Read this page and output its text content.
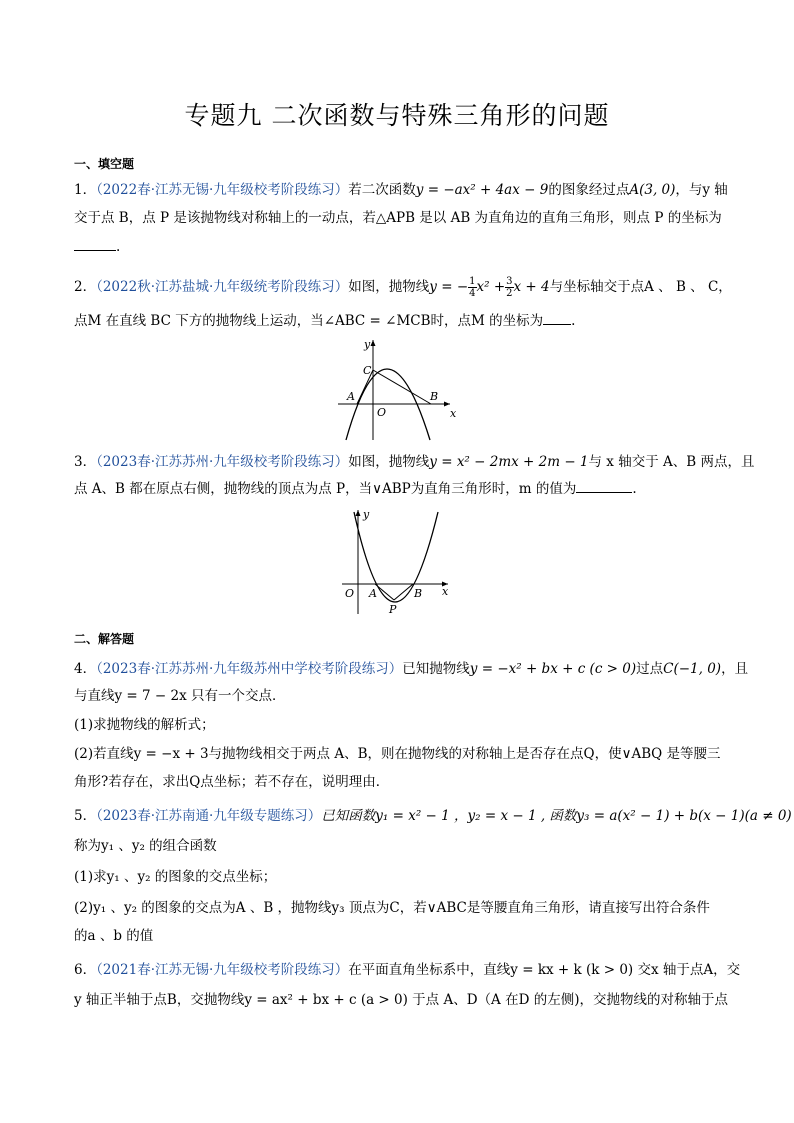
专题九 二次函数与特殊三角形的问题
一、填空题
1．（2022春·江苏无锡·九年级校考阶段练习）若二次函数y = −ax² + 4ax − 9的图象经过点A(3, 0)，与y 轴
交于点 B，点 P 是该抛物线对称轴上的一动点，若△APB 是以 AB 为直角边的直角三角形，则点 P 的坐标为
.
2．（2022秋·江苏盐城·九年级统考阶段练习）如图，抛物线y = − $\frac{1}{4} x^2 + \frac{3}{2}$ x + 4与坐标轴交于点A 、 B 、 C，
点M 在直线 BC 下方的抛物线上运动，当∠ABC = ∠MCB时，点M 的坐标为 .
y
x
O
A	B
C
3．（2023春·江苏苏州·九年级校考阶段练习）如图，抛物线y = x² − 2mx + 2m − 1与 x 轴交于 A、B 两点，且
点 A、B 都在原点右侧，抛物线的顶点为点 P，当∨ABP为直角三角形时，m 的值为	.
y
x
O A	B
P
二、解答题
4．（2023春·江苏苏州·九年级苏州中学校考阶段练习）已知抛物线y = −x² + bx + c (c > 0)过点C(−1, 0)，且
与直线y = 7 − 2x 只有一个交点．
(1)求抛物线的解析式；
(2)若直线y = −x + 3与抛物线相交于两点 A、B，则在抛物线的对称轴上是否存在点Q，使∨ABQ 是等腰三
角形?若存在，求出Q点坐标；若不存在，说明理由．
5．（2023春·江苏南通·九年级专题练习）已知函数y₁ = x² − 1 ，y₂ = x − 1 , 函数y₃ = a(x² − 1) + b(x − 1)(a ≠ 0)
称为y₁ 、y₂ 的组合函数
(1)求y₁ 、y₂ 的图象的交点坐标；
(2)y₁ 、y₂ 的图象的交点为A 、B ，抛物线y₃ 顶点为C，若∨ABC是等腰直角三角形，请直接写出符合条件
的a 、b 的值
6．（2021春·江苏无锡·九年级校考阶段练习）在平面直角坐标系中，直线y = kx + k (k > 0) 交x 轴于点A，交
y 轴正半轴于点B，交抛物线y = ax² + bx + c (a > 0) 于点 A、D（A 在D 的左侧)，交抛物线的对称轴于点
